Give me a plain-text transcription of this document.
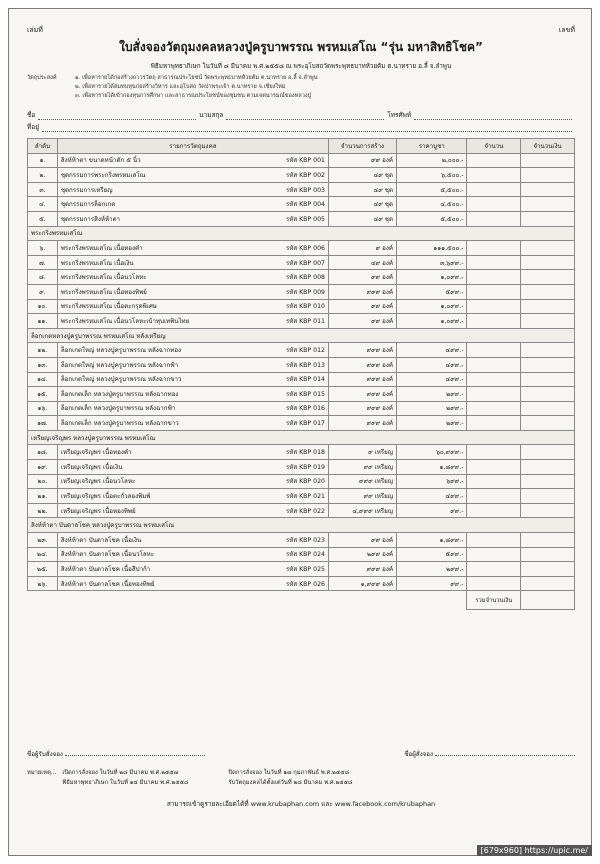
เล่มที่	เลขที่
ใบสั่งจองวัตถุมงคลหลวงปู่ครูบาพรรณ พรหมเสโณ “รุ่น มหาสิทธิโชค”
พิธีมหาพุทธาภิเษก ในวันที่ ๘ มีนาคม พ.ศ.๒๕๕๘ ณ พระอุโบสถวัดพระพุทธบาทห้วยต้ม ต.นาทราย อ.ลี้ จ.ลำพูน
วัตถุประสงค์	๑. เพื่อหารายได้ก่อสร้างถาวรวัตถุ สาธารณประโยชน์ วัดพระพุทธบาทห้วยต้ม ต.นาทราย อ.ลี้ จ.ลำพูน
๒. เพื่อหารายได้สมทบทุนก่อสร้างวิหาร และอุโบสถ วัดป่าพระเจ้า ต.นาทราย จ.เชียงใหม่
๓. เพื่อหารายได้เข้ากองทุนการศึกษา และสาธารณประโยชน์ของชุมชน ตามเจตนารมณ์ของหลวงปู่
ชื่อ	นามสกุล	โทรศัพท์
ที่อยู่
ลำดับ	รายการวัตถุมงคล	จำนวนการสร้าง	ราคาบูชา	จำนวน	จำนวนเงิน
๑.	สิงห์ห้าตา ขนาดหน้าตัก ๕ นิ้ว รหัส KBP 001	๙๙ องค์	๒,๐๐๐.-		
๒.	ชุดกรรมการพระกริ่งพรหมเสโณ รหัส KBP 002	๔๙ ชุด	๖,๕๐๐.-		
๓.	ชุดกรรมการเหรียญ รหัส KBP 003	๔๙ ชุด	๕,๕๐๐.-		
๔.	ชุดกรรมการล็อกเกต รหัส KBP 004	๔๙ ชุด	๔,๕๐๐.-		
๕.	ชุดกรรมการสิงห์ห้าตา รหัส KBP 005	๔๙ ชุด	๕,๕๐๐.-		
พระกริ่งพรหมเสโณ					
๖.	พระกริ่งพรหมเสโณ เนื้อทองคำ รหัส KBP 006	๙ องค์	๑๑๑,๕๐๐.-		
๗.	พระกริ่งพรหมเสโณ เนื้อเงิน รหัส KBP 007	๔๙ องค์	๓,๖๙๙.-		
๘.	พระกริ่งพรหมเสโณ เนื้อนวโลหะ รหัส KBP 008	๙๙ องค์	๑,๐๙๙.-		
๙.	พระกริ่งพรหมเสโณ เนื้อทองทิพย์ รหัส KBP 009	๙๙๙ องค์	๕๙๙.-		
๑๐.	พระกริ่งพรหมเสโณ เนื้อตะกรุดพิเศษ รหัส KBP 010	๙๙ องค์	๑,๐๙๙.-		
๑๑.	พระกริ่งพรหมเสโณ เนื้อนวโลหะเบ้าทุบเทพินไทย รหัส KBP 011	๙๙ องค์	๑,๐๙๙.-		
ล็อกเกตหลวงปู่ครูบาพรรณ พรหมเสโณ หลังเหรียญ					
๑๒.	ล็อกเกตใหญ่ หลวงปู่ครูบาพรรณ หลังฉากทอง รหัส KBP 012	๙๙๙ องค์	๔๙๙.-		
๑๓.	ล็อกเกตใหญ่ หลวงปู่ครูบาพรรณ หลังฉากฟ้า รหัส KBP 013	๙๙๙ องค์	๔๙๙.-		
๑๔.	ล็อกเกตใหญ่ หลวงปู่ครูบาพรรณ หลังฉากขาว รหัส KBP 014	๙๙๙ องค์	๔๙๙.-		
๑๕.	ล็อกเกตเล็ก หลวงปู่ครูบาพรรณ หลังฉากทอง รหัส KBP 015	๙๙๙ องค์	๒๙๙.-		
๑๖.	ล็อกเกตเล็ก หลวงปู่ครูบาพรรณ หลังฉากฟ้า รหัส KBP 016	๙๙๙ องค์	๒๙๙.-		
๑๗.	ล็อกเกตเล็ก หลวงปู่ครูบาพรรณ หลังฉากขาว รหัส KBP 017	๙๙๙ องค์	๒๙๙.-		
เหรียญเจริญพร หลวงปู่ครูบาพรรณ พรหมเสโณ					
๑๘.	เหรียญเจริญพร เนื้อทองคำ รหัส KBP 018	๙ เหรียญ	๖๐,๙๙๙.-		
๑๙.	เหรียญเจริญพร เนื้อเงิน รหัส KBP 019	๙๙ เหรียญ	๑,๘๙๙.-		
๒๐.	เหรียญเจริญพร เนื้อนวโลหะ รหัส KBP 020	๙๙๙ เหรียญ	๖๙๙.-		
๒๑.	เหรียญเจริญพร เนื้อตะกั่วลองพิมพ์ รหัส KBP 021	๙๙ เหรียญ	๔๙๙.-		
๒๒.	เหรียญเจริญพร เนื้อทองทิพย์ รหัส KBP 022	๔,๙๙๙ เหรียญ	๙๙.-		
สิงห์ห้าตา บันดาลโชค หลวงปู่ครูบาพรรณ พรหมเสโณ					
๒๓.	สิงห์ห้าตา บันดาลโชค เนื้อเงิน รหัส KBP 023	๙๙ องค์	๑,๘๙๙.-		
๒๔.	สิงห์ห้าตา บันดาลโชค เนื้อนวโลหะ รหัส KBP 024	๒๙๙ องค์	๕๙๙.-		
๒๕.	สิงห์ห้าตา บันดาลโชค เนื้อสีปาก้า รหัส KBP 025	๙๙๙ องค์	๒๙๙.-		
๒๖.	สิงห์ห้าตา บันดาลโชค เนื้อทองทิพย์ รหัส KBP 026	๑,๙๙๙ องค์	๙๙.-		
				รวมจำนวนเงิน	
ชื่อผู้รับสั่งจอง	ชื่อผู้สั่งจอง
หมายเหตุ... เปิดการสั่งจอง ในวันที่ ๒๘ มีนาคม พ.ศ.๒๕๕๗
พิธีมหาพุทธาภิเษก ในวันที่ ๑๔ มีนาคม พ.ศ.๒๕๕๘
ปิดการสั่งจอง ในวันที่ ๑๗ กุมภาพันธ์ พ.ศ.๒๕๕๘
รับวัตถุมงคลได้ตั้งแต่วันที่ ๒๘ มีนาคม พ.ศ.๒๕๕๘
สามารถเข้าดูรายละเอียดได้ที่ www.krubaphan.com และ www.facebook.com/krubaphan
[679x960] https://upic.me/
